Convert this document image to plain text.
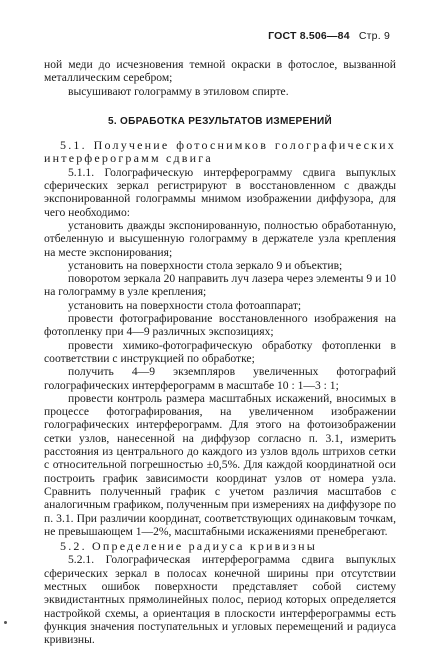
ГОСТ 8.506—84 Стр. 9

ной меди до исчезновения темной окраски в фотослое, вызванной металлическим серебром;

высушивают голограмму в этиловом спирте.

5. ОБРАБОТКА РЕЗУЛЬТАТОВ ИЗМЕРЕНИЙ

5.1. Получение фотоснимков голографических интерферограмм сдвига

5.1.1. Голографическую интерферограмму сдвига выпуклых сферических зеркал регистрируют в восстановленном с дважды экспонированной голограммы мнимом изображении диффузора, для чего необходимо:

установить дважды экспонированную, полностью обработанную, отбеленную и высушенную голограмму в держателе узла крепления на месте экспонирования;

установить на поверхности стола зеркало 9 и объектив;

поворотом зеркала 20 направить луч лазера через элементы 9 и 10 на голограмму в узле крепления;

установить на поверхности стола фотоаппарат;

провести фотографирование восстановленного изображения на фотопленку при 4—9 различных экспозициях;

провести химико-фотографическую обработку фотопленки в соответствии с инструкцией по обработке;

получить 4—9 экземпляров увеличенных фотографий голографических интерферограмм в масштабе 10 : 1—3 : 1;

провести контроль размера масштабных искажений, вносимых в процессе фотографирования, на увеличенном изображении голографических интерферограмм. Для этого на фотоизображении сетки узлов, нанесенной на диффузор согласно п. 3.1, измерить расстояния из центрального до каждого из узлов вдоль штрихов сетки с относительной погрешностью ±0,5%. Для каждой координатной оси построить график зависимости координат узлов от номера узла. Сравнить полученный график с учетом различия масштабов с аналогичным графиком, полученным при измерениях на диффузоре по п. 3.1. При различии координат, соответствующих одинаковым точкам, не превышающем 1—2%, масштабными искажениями пренебрегают.

5.2. Определение радиуса кривизны

5.2.1. Голографическая интерферограмма сдвига выпуклых сферических зеркал в полосах конечной ширины при отсутствии местных ошибок поверхности представляет собой систему эквидистантных прямолинейных полос, период которых определяется настройкой схемы, а ориентация в плоскости интерферограммы есть функция значения поступательных и угловых перемещений и радиуса кривизны.
